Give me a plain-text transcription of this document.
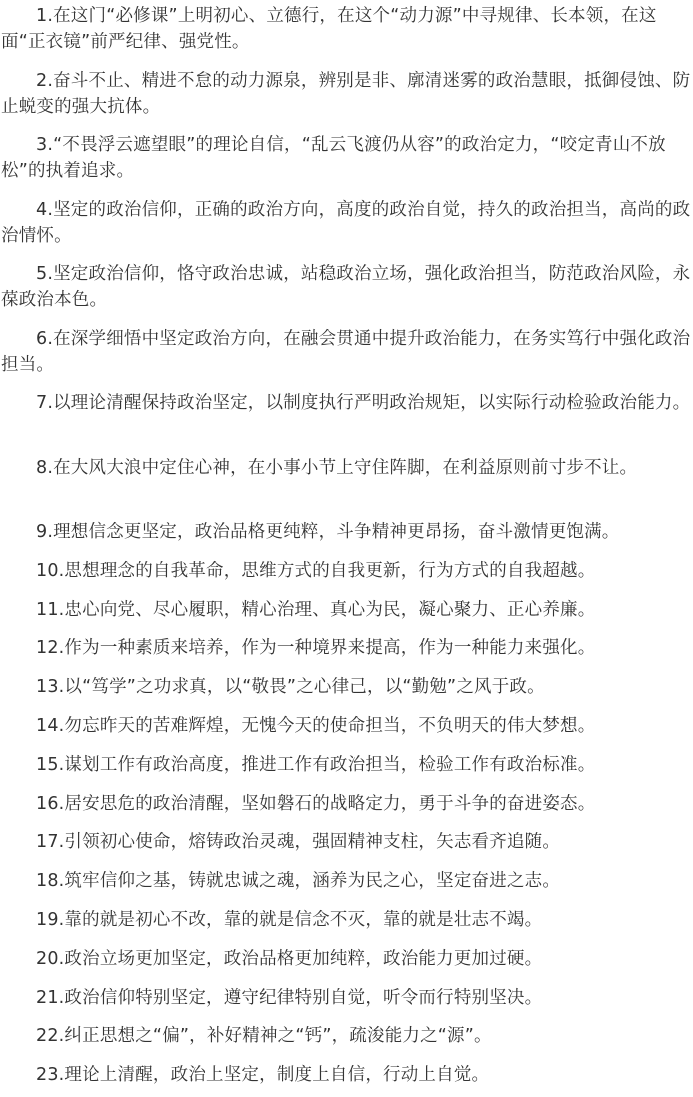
1.在这门“必修课”上明初心、立德行，在这个“动力源”中寻规律、长本领，在这面“正衣镜”前严纪律、强党性。

2.奋斗不止、精进不怠的动力源泉，辨别是非、廓清迷雾的政治慧眼，抵御侵蚀、防止蜕变的强大抗体。

3.“不畏浮云遮望眼”的理论自信，“乱云飞渡仍从容”的政治定力，“咬定青山不放松”的执着追求。

4.坚定的政治信仰，正确的政治方向，高度的政治自觉，持久的政治担当，高尚的政治情怀。

5.坚定政治信仰，恪守政治忠诚，站稳政治立场，强化政治担当，防范政治风险，永葆政治本色。

6.在深学细悟中坚定政治方向，在融会贯通中提升政治能力，在务实笃行中强化政治担当。

7.以理论清醒保持政治坚定，以制度执行严明政治规矩，以实际行动检验政治能力。

8.在大风大浪中定住心神，在小事小节上守住阵脚，在利益原则前寸步不让。

9.理想信念更坚定，政治品格更纯粹，斗争精神更昂扬，奋斗激情更饱满。

10.思想理念的自我革命，思维方式的自我更新，行为方式的自我超越。

11.忠心向党、尽心履职，精心治理、真心为民，凝心聚力、正心养廉。

12.作为一种素质来培养，作为一种境界来提高，作为一种能力来强化。

13.以“笃学”之功求真，以“敬畏”之心律己，以“勤勉”之风于政。

14.勿忘昨天的苦难辉煌，无愧今天的使命担当，不负明天的伟大梦想。

15.谋划工作有政治高度，推进工作有政治担当，检验工作有政治标准。

16.居安思危的政治清醒，坚如磐石的战略定力，勇于斗争的奋进姿态。

17.引领初心使命，熔铸政治灵魂，强固精神支柱，矢志看齐追随。

18.筑牢信仰之基，铸就忠诚之魂，涵养为民之心，坚定奋进之志。

19.靠的就是初心不改，靠的就是信念不灭，靠的就是壮志不竭。

20.政治立场更加坚定，政治品格更加纯粹，政治能力更加过硬。

21.政治信仰特别坚定，遵守纪律特别自觉，听令而行特别坚决。

22.纠正思想之“偏”，补好精神之“钙”，疏浚能力之“源”。

23.理论上清醒，政治上坚定，制度上自信，行动上自觉。
